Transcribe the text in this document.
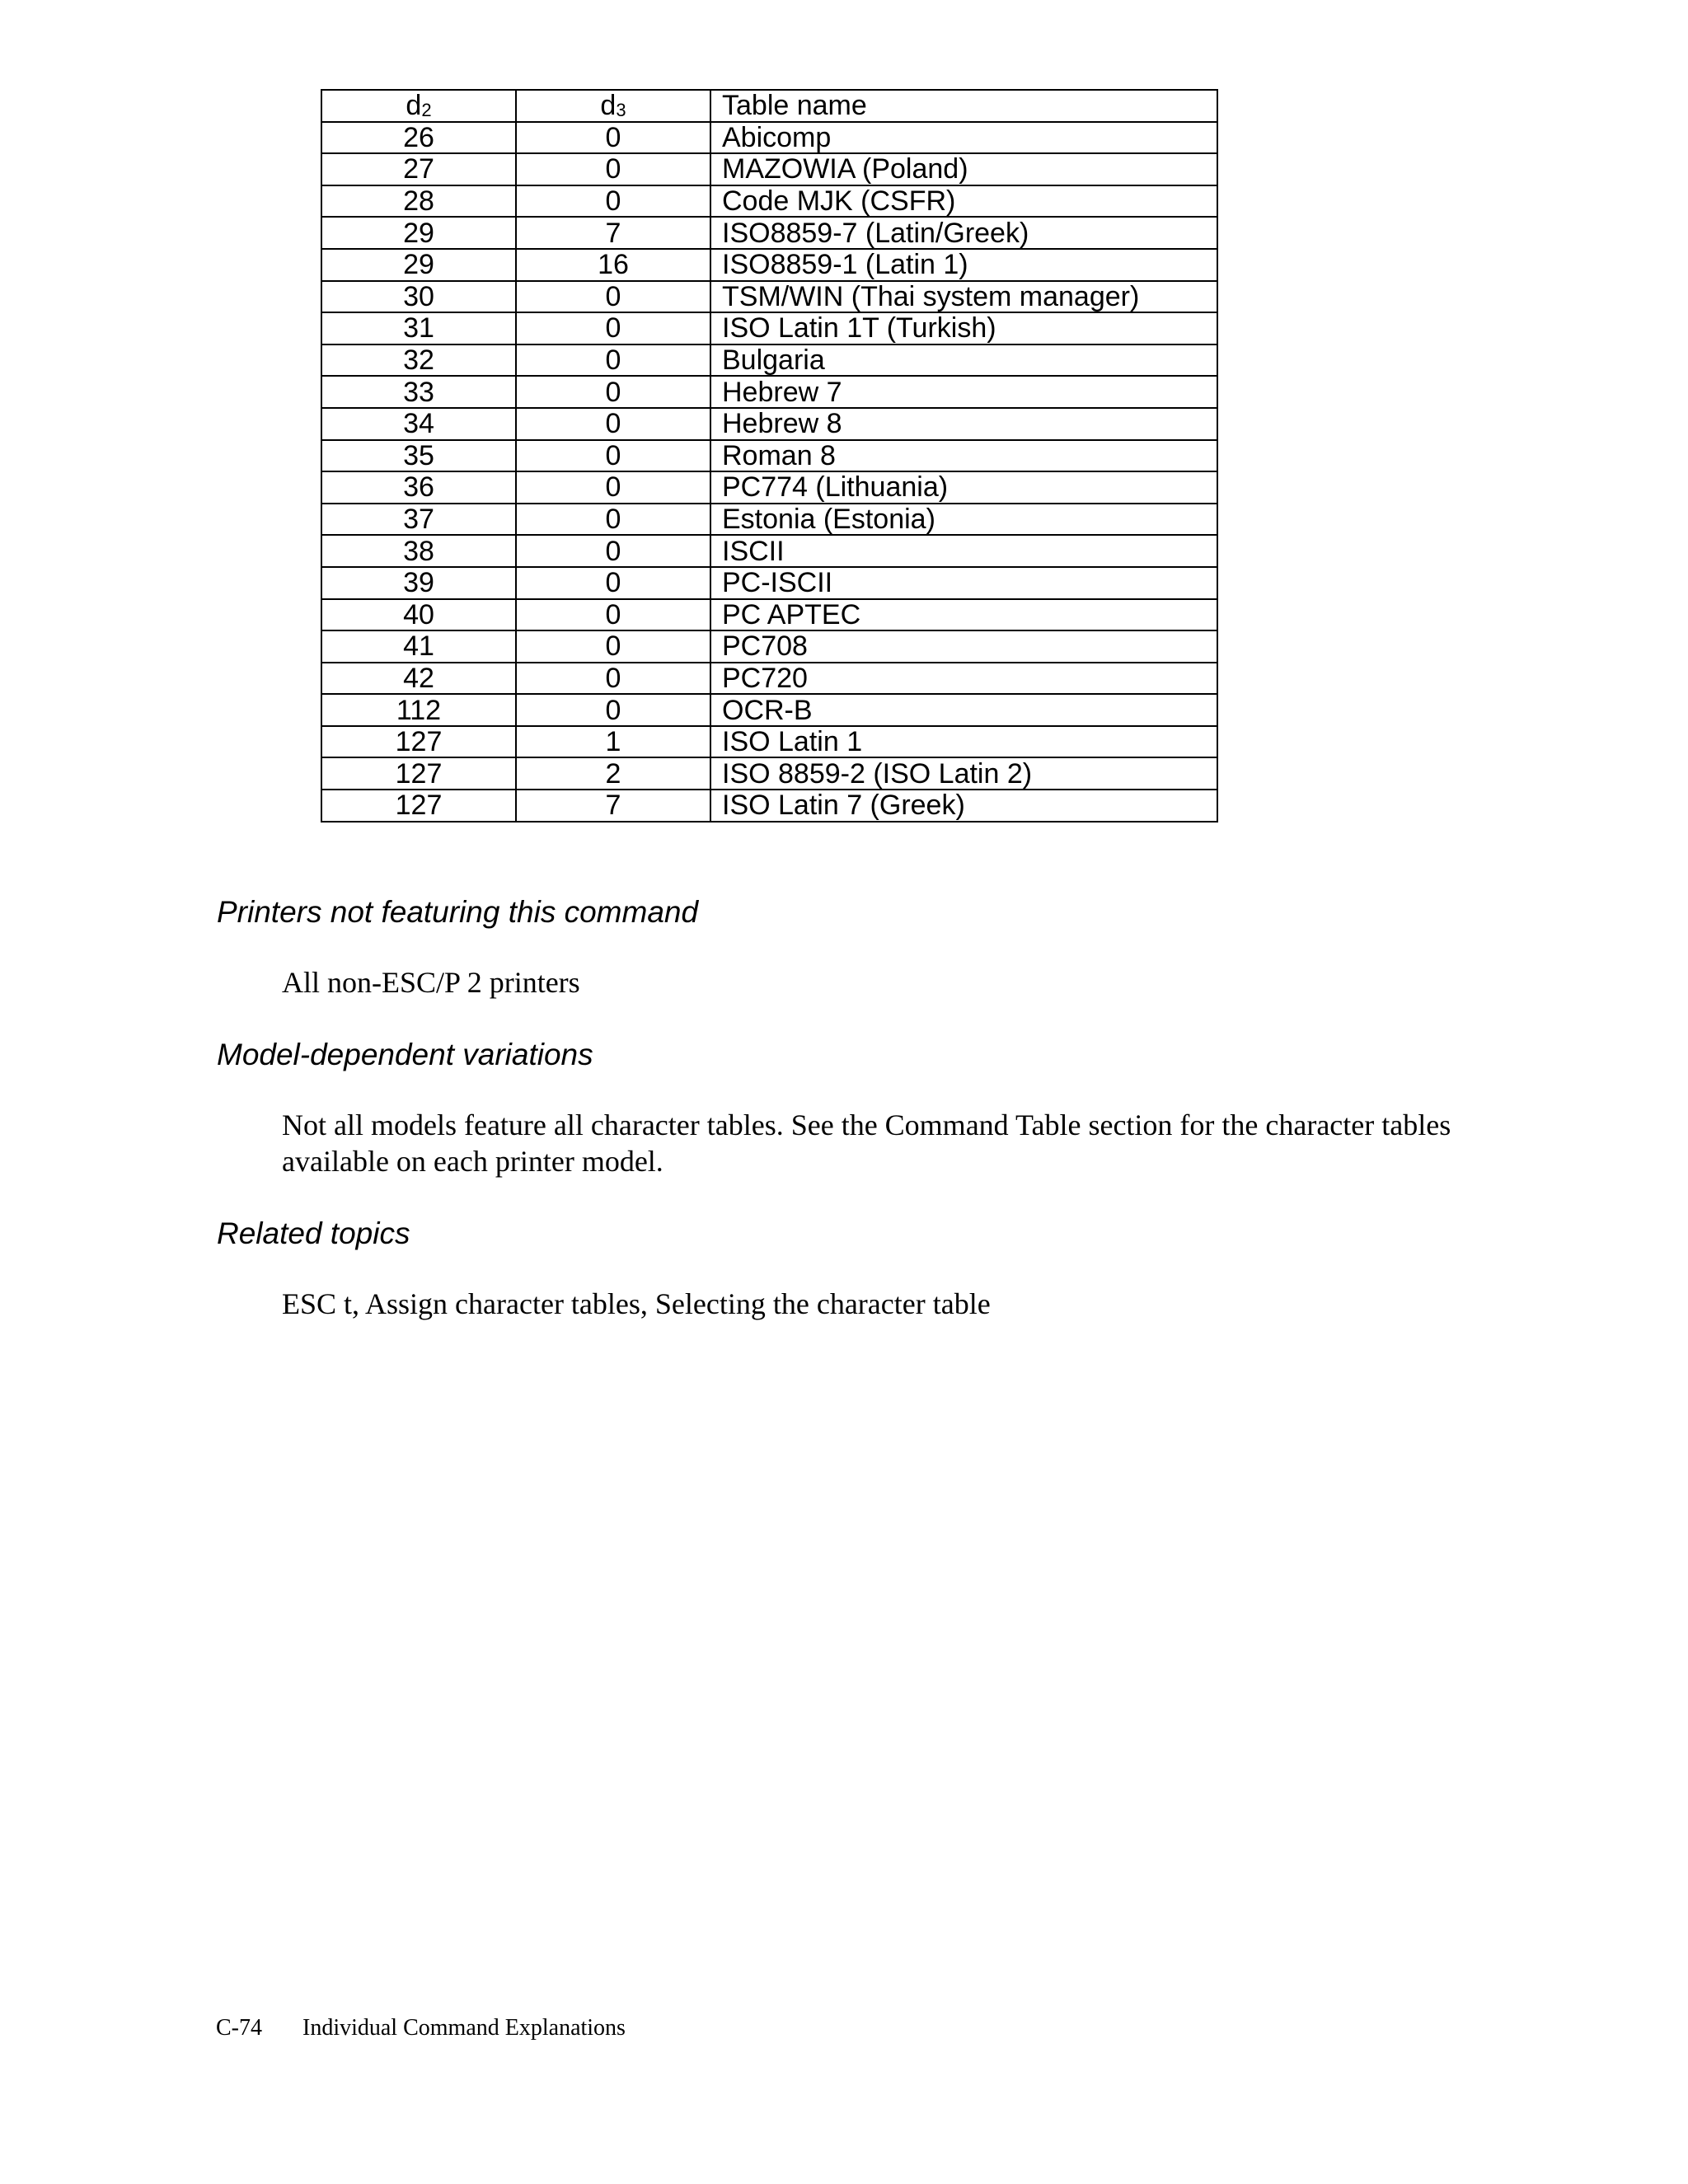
$d_2$	$d_3$	Table name
26	0	Abicomp
27	0	MAZOWIA (Poland)
28	0	Code MJK (CSFR)
29	7	ISO8859-7 (Latin/Greek)
29	16	ISO8859-1 (Latin 1)
30	0	TSM/WIN (Thai system manager)
31	0	ISO Latin 1T (Turkish)
32	0	Bulgaria
33	0	Hebrew 7
34	0	Hebrew 8
35	0	Roman 8
36	0	PC774 (Lithuania)
37	0	Estonia (Estonia)
38	0	ISCII
39	0	PC-ISCII
40	0	PC APTEC
41	0	PC708
42	0	PC720
112	0	OCR-B
127	1	ISO Latin 1
127	2	ISO 8859-2 (ISO Latin 2)
127	7	ISO Latin 7 (Greek)
Printers not featuring this command

All non-ESC/P 2 printers

Model-dependent variations

Not all models feature all character tables. See the Command Table section for the character tables available on each printer model.

Related topics

ESC t, Assign character tables, Selecting the character table

C-74 Individual Command Explanations
